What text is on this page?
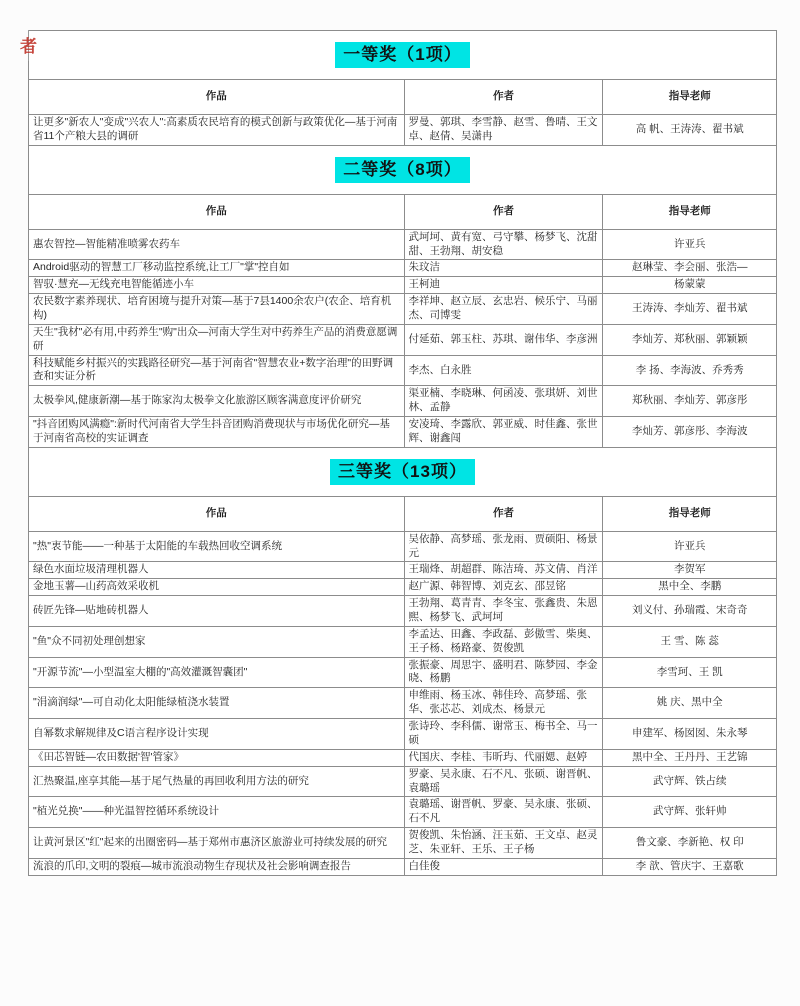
者	一等奖（1项）		
作品	作者	指导老师
让更多"新农人"变成"兴农人":高素质农民培育的模式创新与政策优化—基于河南省11个产粮大县的调研	罗曼、郭琪、李雪静、赵雪、鲁晴、王文卓、赵倩、吴潇冉	高 帆、王涛涛、翟书斌
二等奖（8项）		
作品	作者	指导老师
惠农智控—智能精准喷雾农药车	武坷坷、黄有宽、弓守攀、杨梦飞、沈甜甜、王勃翔、胡安稳	许亚兵
Android驱动的智慧工厂移动监控系统,让工厂"掌"控自如	朱玟洁	赵琳莹、李会丽、张浩—
智驭·慧充—无线充电智能循迹小车	王柯迪	杨蒙蒙
农民数字素养现状、培育困境与提升对策—基于7县1400余农户(农企、培育机构)	李祥坤、赵立辰、玄忠岩、候乐宁、马丽杰、司博雯	王涛涛、李灿芳、翟书斌
天生"我材"必有用,中药养生"购"出众—河南大学生对中药养生产品的消费意愿调研	付延茹、郭玉柱、苏琪、谢伟华、李彦洲	李灿芳、郑秋丽、郭颖颖
科技赋能乡村振兴的实践路径研究—基于河南省"智慧农业+数字治理"的田野调查和实证分析	李杰、白永胜	李 扬、李海波、乔秀秀
太极拳风,健康新潮—基于陈家沟太极拳文化旅游区顾客满意度评价研究	渠亚楠、李晓琳、何函凌、张琪妍、刘世林、孟静	郑秋丽、李灿芳、郭彦彤
"抖音团购风满瘾":新时代河南省大学生抖音团购消费现状与市场优化研究—基于河南省高校的实证调查	安凌琦、李露欣、郭亚威、时佳鑫、张世辉、谢鑫闯	李灿芳、郭彦彤、李海波
三等奖（13项）		
作品	作者	指导老师
"热"衷节能——一种基于太阳能的车载热回收空调系统	吴依静、高梦瑶、张龙雨、贾硕阳、杨景元	许亚兵
绿色水面垃圾清理机器人	王瑞烽、胡超群、陈洁琦、苏文倩、肖洋	李贺军
金地玉薯—山药高效采收机	赵广源、韩智博、刘克玄、邵昱铭	黑中全、李鹏
砖匠先锋—贴地砖机器人	王勃翔、葛青青、李冬宝、张鑫贵、朱恩熙、杨梦飞、武坷坷	刘义付、孙瑞霞、宋奇奇
"鱼"众不同初处理创想家	李孟达、田鑫、李政磊、彭傲雪、柴奥、王子杨、杨路豪、贺俊凯	王 雪、陈 蕊
"开源节流"—小型温室大棚的"高效灌溉智囊团"	张振豪、周思宇、盛明君、陈梦园、李金晓、杨鹏	李雪珂、王 凯
"涓滴润绿"—可自动化太阳能绿植浇水装置	申维雨、杨玉冰、韩佳玲、高梦瑶、张华、张芯芯、刘成杰、杨景元	姚 庆、黑中全
自幂数求解规律及C语言程序设计实现	张诗玲、李科儒、谢常玉、梅书全、马一硕	申建军、杨囡囡、朱永琴
《田芯智链—农田数据'智'管家》	代国庆、李桂、韦昕玙、代丽媤、赵婷	黑中全、王丹丹、王艺锦
汇热聚温,座享其能—基于尾气热量的再回收利用方法的研究	罗豪、吴永康、石不凡、张硕、谢晋帆、袁璐瑶	武守辉、铁占续
"植光兑换"——种光温智控循环系统设计	袁璐瑶、谢晋帆、罗豪、吴永康、张硕、石不凡	武守辉、张轩帅
让黄河景区"红"起来的出圈密码—基于郑州市惠济区旅游业可持续发展的研究	贺俊凯、朱怡涵、汪玉茹、王文卓、赵灵芝、朱亚轩、王乐、王子杨	鲁文豪、李新艳、权 印
流浪的爪印,文明的裂痕—城市流浪动物生存现状及社会影响调查报告	白佳俊	李 歆、管庆宇、王嘉歌
